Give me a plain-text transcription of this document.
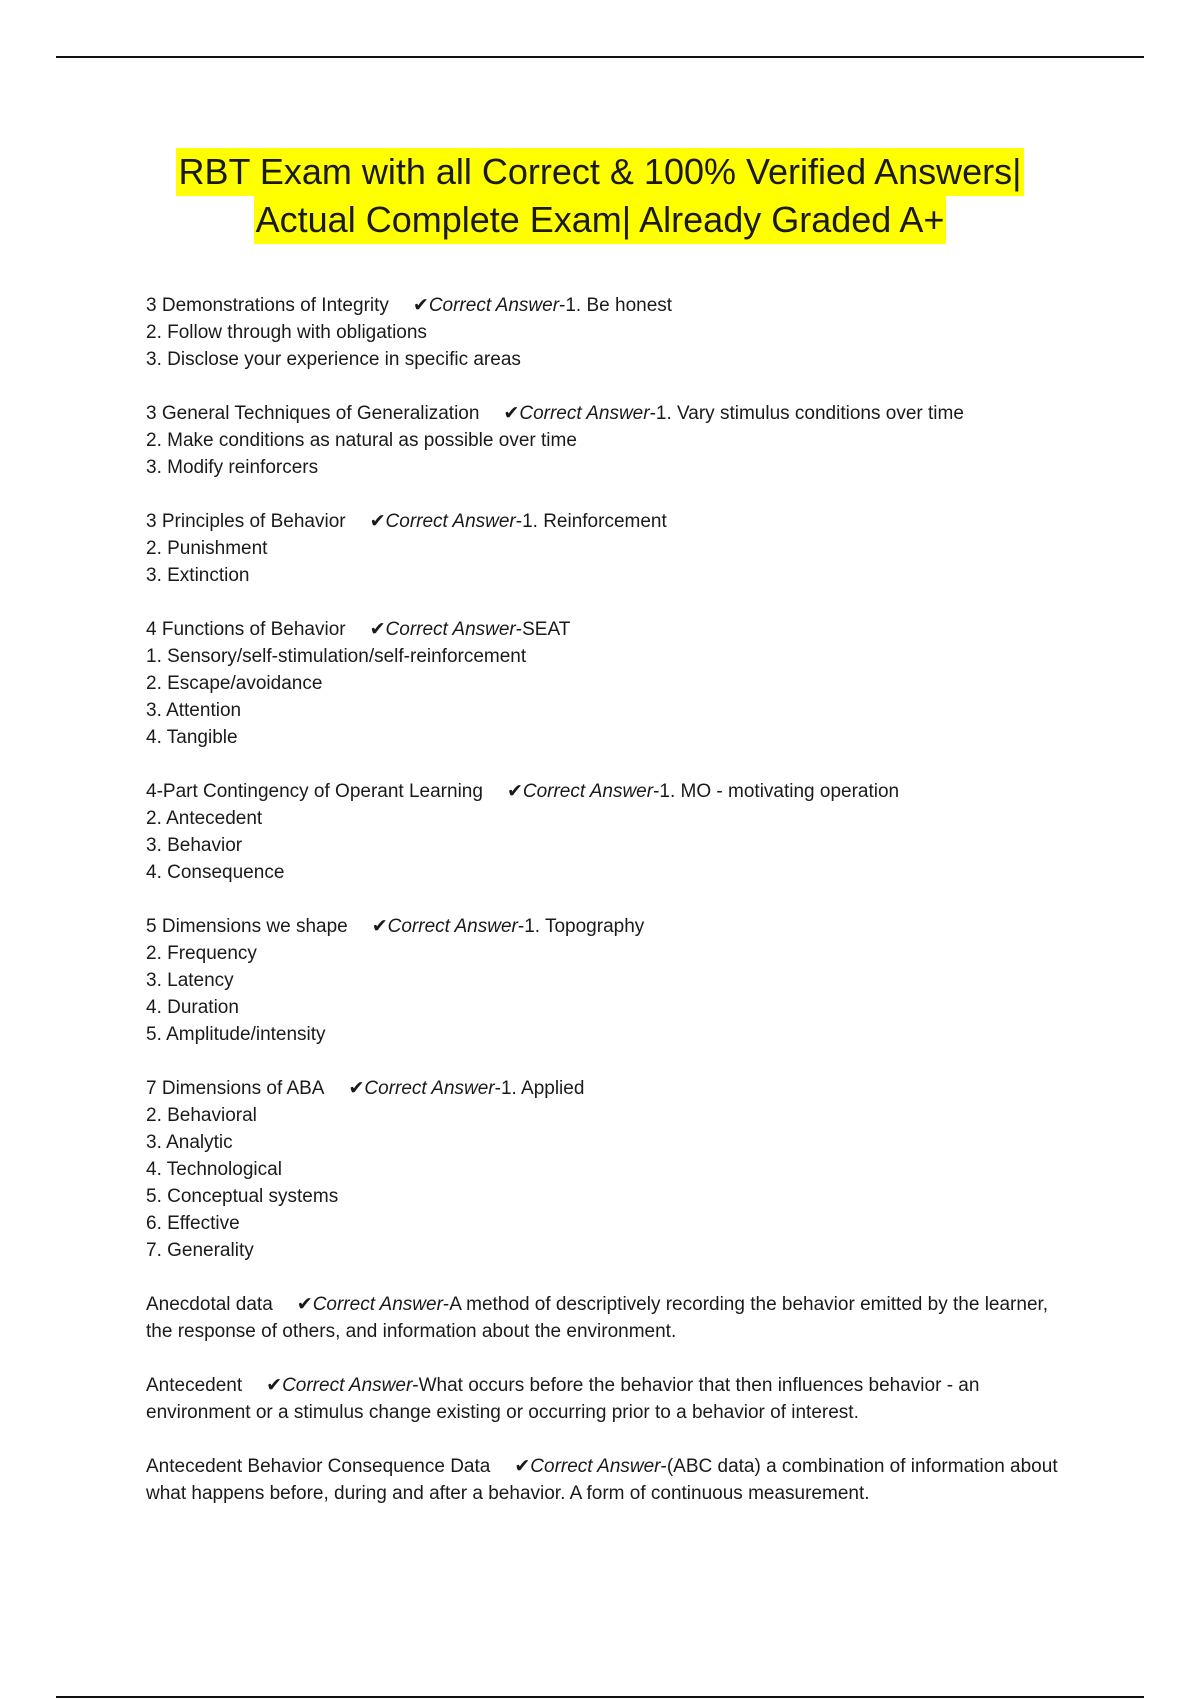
RBT Exam with all Correct & 100% Verified Answers|
Actual Complete Exam| Already Graded A+

3 Demonstrations of Integrity ✔Correct Answer-1. Be honest

2. Follow through with obligations

3. Disclose your experience in specific areas

3 General Techniques of Generalization ✔Correct Answer-1. Vary stimulus conditions over time

2. Make conditions as natural as possible over time

3. Modify reinforcers

3 Principles of Behavior ✔Correct Answer-1. Reinforcement

2. Punishment

3. Extinction

4 Functions of Behavior ✔Correct Answer-SEAT

1. Sensory/self-stimulation/self-reinforcement

2. Escape/avoidance

3. Attention

4. Tangible

4-Part Contingency of Operant Learning ✔Correct Answer-1. MO - motivating operation

2. Antecedent

3. Behavior

4. Consequence

5 Dimensions we shape ✔Correct Answer-1. Topography

2. Frequency

3. Latency

4. Duration

5. Amplitude/intensity

7 Dimensions of ABA ✔Correct Answer-1. Applied

2. Behavioral

3. Analytic

4. Technological

5. Conceptual systems

6. Effective

7. Generality

Anecdotal data ✔Correct Answer-A method of descriptively recording the behavior emitted by the learner, the response of others, and information about the environment.

Antecedent ✔Correct Answer-What occurs before the behavior that then influences behavior - an environment or a stimulus change existing or occurring prior to a behavior of interest.

Antecedent Behavior Consequence Data ✔Correct Answer-(ABC data) a combination of information about what happens before, during and after a behavior. A form of continuous measurement.
